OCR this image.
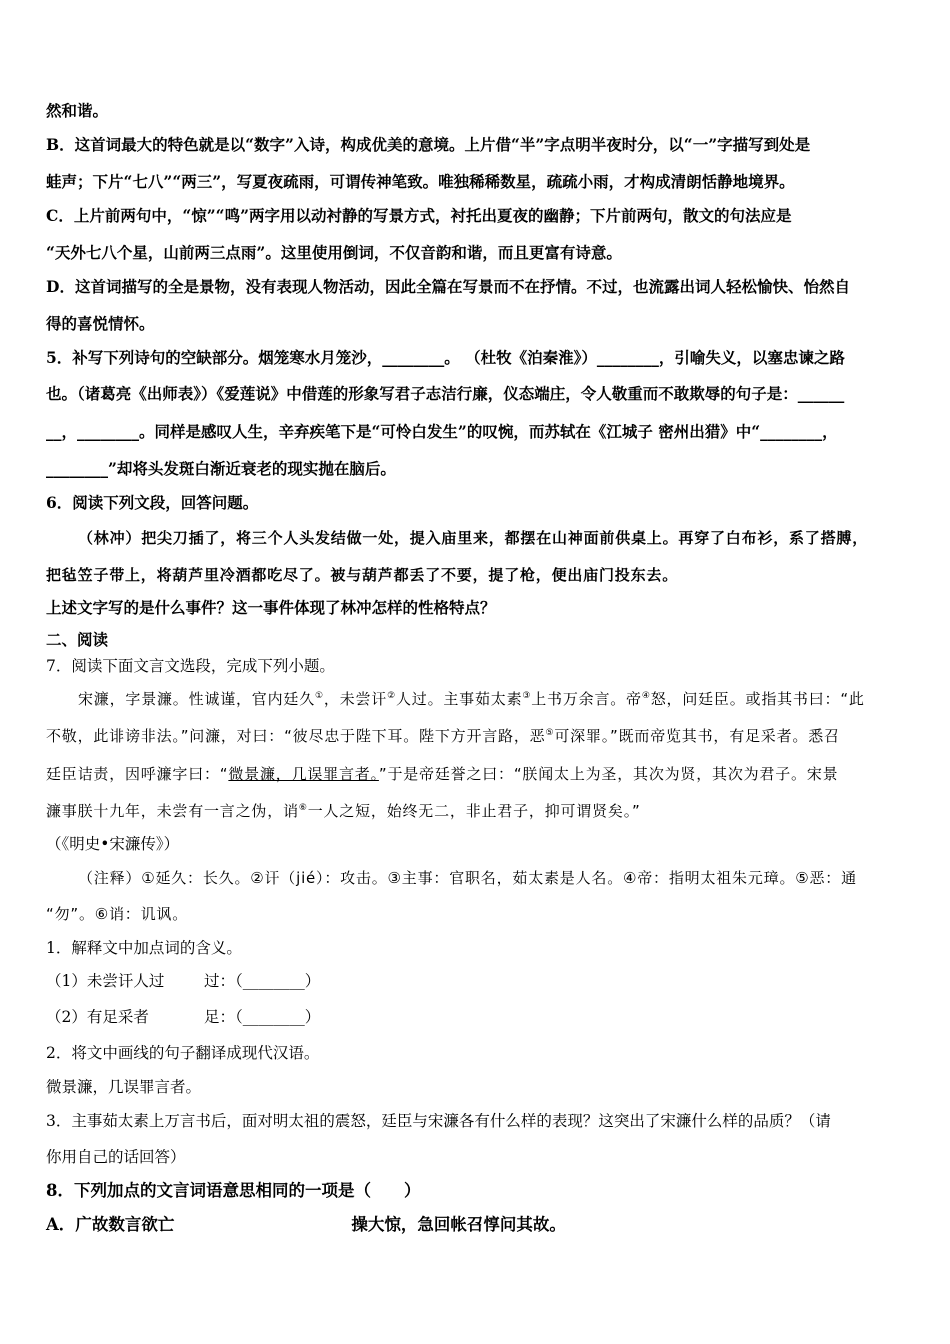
然和谐。
B．这首词最大的特色就是以“数字”入诗，构成优美的意境。上片借“半”字点明半夜时分，以“一”字描写到处是
蛙声；下片“七八”“两三”，写夏夜疏雨，可谓传神笔致。唯独稀稀数星，疏疏小雨，才构成清朗恬静地境界。
C．上片前两句中，“惊”“鸣”两字用以动衬静的写景方式，衬托出夏夜的幽静；下片前两句，散文的句法应是
“天外七八个星，山前两三点雨”。这里使用倒词，不仅音韵和谐，而且更富有诗意。
D．这首词描写的全是景物，没有表现人物活动，因此全篇在写景而不在抒情。不过，也流露出词人轻松愉快、怡然自
得的喜悦情怀。
5．补写下列诗句的空缺部分。烟笼寒水月笼沙，________。 （杜牧《泊秦淮》）________，引喻失义，以塞忠谏之路
也。（诸葛亮《出师表》）《爱莲说》中借莲的形象写君子志洁行廉，仪态端庄，令人敬重而不敢欺辱的句子是：______
__，________。同样是感叹人生，辛弃疾笔下是“可怜白发生”的叹惋，而苏轼在《江城子 密州出猎》中“________，
________”却将头发斑白渐近衰老的现实抛在脑后。
6．阅读下列文段，回答问题。
（林冲）把尖刀插了，将三个人头发结做一处，提入庙里来，都摆在山神面前供桌上。再穿了白布衫，系了搭膊，
把毡笠子带上，将葫芦里冷酒都吃尽了。被与葫芦都丢了不要，提了枪，便出庙门投东去。
上述文字写的是什么事件？这一事件体现了林冲怎样的性格特点？
二、阅读
7．阅读下面文言文选段，完成下列小题。
宋濂，字景濂。性诚谨，官内廷久①，未尝讦②人过。主事茹太素③上书万余言。帝④怒，问廷臣。或指其书曰：“此
不敬，此诽谤非法。”问濂，对曰：“彼尽忠于陛下耳。陛下方开言路，恶⑤可深罪。”既而帝览其书，有足采者。悉召
廷臣诘责，因呼濂字曰：“微景濂，几误罪言者。”于是帝廷誉之曰：“朕闻太上为圣，其次为贤，其次为君子。宋景
濂事朕十九年，未尝有一言之伪，诮⑥一人之短，始终无二，非止君子，抑可谓贤矣。”
（《明史•宋濂传》）
（注释）①延久：长久。②讦（jié）：攻击。③主事：官职名，茹太素是人名。④帝：指明太祖朱元璋。⑤恶：通
“勿”。⑥诮：讥讽。
1．解释文中加点词的含义。
（1）未尝讦人过	过：（________）
（2）有足采者	足：（________）
2．将文中画线的句子翻译成现代汉语。
微景濂，几误罪言者。
3．主事茹太素上万言书后，面对明太祖的震怒，廷臣与宋濂各有什么样的表现？这突出了宋濂什么样的品质？（请
你用自己的话回答）
8．下列加点的文言词语意思相同的一项是（　　）
A．广故数言欲亡	操大惊，急回帐召惇问其故。
